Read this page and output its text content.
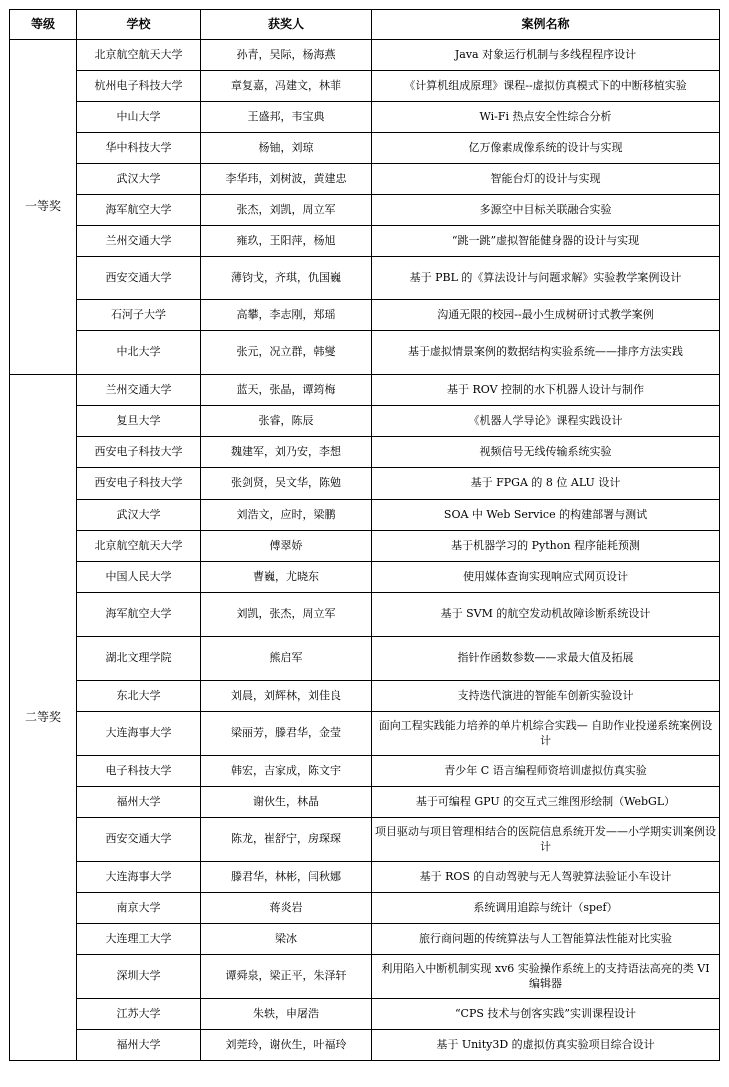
等级	学校	获奖人	案例名称
一等奖	北京航空航天大学	孙青，吴际，杨海燕	Java 对象运行机制与多线程程序设计
	杭州电子科技大学	章复嘉，冯建文，林菲	《计算机组成原理》课程--虚拟仿真模式下的中断移植实验
	中山大学	王盛邦，韦宝典	Wi-Fi 热点安全性综合分析
	华中科技大学	杨铀，刘琼	亿万像素成像系统的设计与实现
	武汉大学	李华玮，刘树波，黄建忠	智能台灯的设计与实现
	海军航空大学	张杰，刘凯，周立军	多源空中目标关联融合实验
	兰州交通大学	雍玖，王阳萍，杨旭	“跳一跳”虚拟智能健身器的设计与实现
	西安交通大学	薄钧戈，齐琪，仇国巍	基于 PBL 的《算法设计与问题求解》实验教学案例设计
	石河子大学	高攀，李志刚，郑瑶	沟通无限的校园--最小生成树研讨式教学案例
	中北大学	张元，况立群，韩燮	基于虚拟情景案例的数据结构实验系统——排序方法实践
二等奖	兰州交通大学	蓝天，张晶，谭筠梅	基于 ROV 控制的水下机器人设计与制作
	复旦大学	张睿，陈辰	《机器人学导论》课程实践设计
	西安电子科技大学	魏建军，刘乃安，李想	视频信号无线传输系统实验
	西安电子科技大学	张剑贤，吴文华，陈勉	基于 FPGA 的 8 位 ALU 设计
	武汉大学	刘浩文，应时，梁鹏	SOA 中 Web Service 的构建部署与测试
	北京航空航天大学	傅翠娇	基于机器学习的 Python 程序能耗预测
	中国人民大学	曹巍，尤晓东	使用媒体查询实现响应式网页设计
	海军航空大学	刘凯，张杰，周立军	基于 SVM 的航空发动机故障诊断系统设计
	湖北文理学院	熊启军	指针作函数参数——求最大值及拓展
	东北大学	刘晨，刘辉林，刘佳良	支持迭代演进的智能车创新实验设计
	大连海事大学	梁丽芳，滕君华，金莹	面向工程实践能力培养的单片机综合实践— 自助作业投递系统案例设计
	电子科技大学	韩宏，吉家成，陈文宇	青少年 C 语言编程师资培训虚拟仿真实验
	福州大学	谢伙生，林晶	基于可编程 GPU 的交互式三维图形绘制（WebGL）
	西安交通大学	陈龙，崔舒宁，房琛琛	项目驱动与项目管理相结合的医院信息系统开发——小学期实训案例设计
	大连海事大学	滕君华，林彬，闫秋娜	基于 ROS 的自动驾驶与无人驾驶算法验证小车设计
	南京大学	蒋炎岩	系统调用追踪与统计（spef）
	大连理工大学	梁冰	旅行商问题的传统算法与人工智能算法性能对比实验
	深圳大学	谭舜泉，梁正平，朱泽轩	利用陷入中断机制实现 xv6 实验操作系统上的支持语法高亮的类 VI 编辑器
	江苏大学	朱轶，申屠浩	“CPS 技术与创客实践”实训课程设计
	福州大学	刘莞玲，谢伙生，叶福玲	基于 Unity3D 的虚拟仿真实验项目综合设计
